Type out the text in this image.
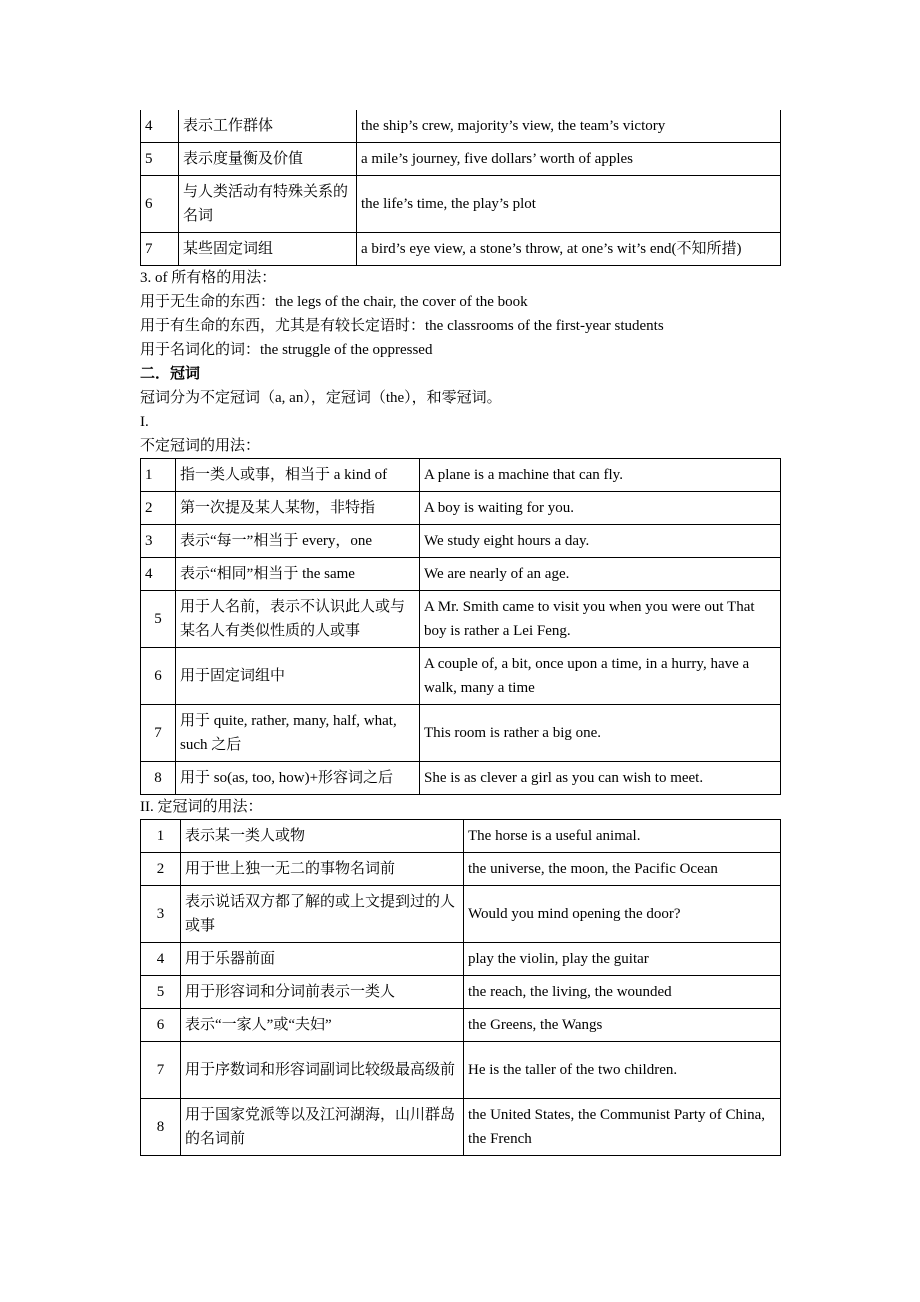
4	表示工作群体	the ship’s crew, majority’s view, the team’s victory
5	表示度量衡及价值	a mile’s journey, five dollars’ worth of apples
6	与人类活动有特殊关系的名词	the life’s time, the play’s plot
7	某些固定词组	a bird’s eye view, a stone’s throw, at one’s wit’s end(不知所措)
3. of 所有格的用法：
用于无生命的东西：the legs of the chair, the cover of the book
用于有生命的东西，尤其是有较长定语时：the classrooms of the first-year students
用于名词化的词：the struggle of the oppressed
二．冠词
冠词分为不定冠词（a, an），定冠词（the），和零冠词。
I.
不定冠词的用法：
1	指一类人或事，相当于 a kind of	A plane is a machine that can fly.
2	第一次提及某人某物，非特指	A boy is waiting for you.
3	表示“每一”相当于 every，one	We study eight hours a day.
4	表示“相同”相当于 the same	We are nearly of an age.
5	用于人名前，表示不认识此人或与某名人有类似性质的人或事	A Mr. Smith came to visit you when you were out That boy is rather a Lei Feng.
6	用于固定词组中	A couple of, a bit, once upon a time, in a hurry, have a walk, many a time
7	用于 quite, rather, many, half, what, such 之后	This room is rather a big one.
8	用于 so(as, too, how)+形容词之后	She is as clever a girl as you can wish to meet.
II. 定冠词的用法：
1	表示某一类人或物	The horse is a useful animal.
2	用于世上独一无二的事物名词前	the universe, the moon, the Pacific Ocean
3	表示说话双方都了解的或上文提到过的人或事	Would you mind opening the door?
4	用于乐器前面	play the violin, play the guitar
5	用于形容词和分词前表示一类人	the reach, the living, the wounded
6	表示“一家人”或“夫妇”	the Greens, the Wangs
7	用于序数词和形容词副词比较级最高级前	He is the taller of the two children.
8	用于国家党派等以及江河湖海，山川群岛的名词前	the United States, the Communist Party of China, the French
